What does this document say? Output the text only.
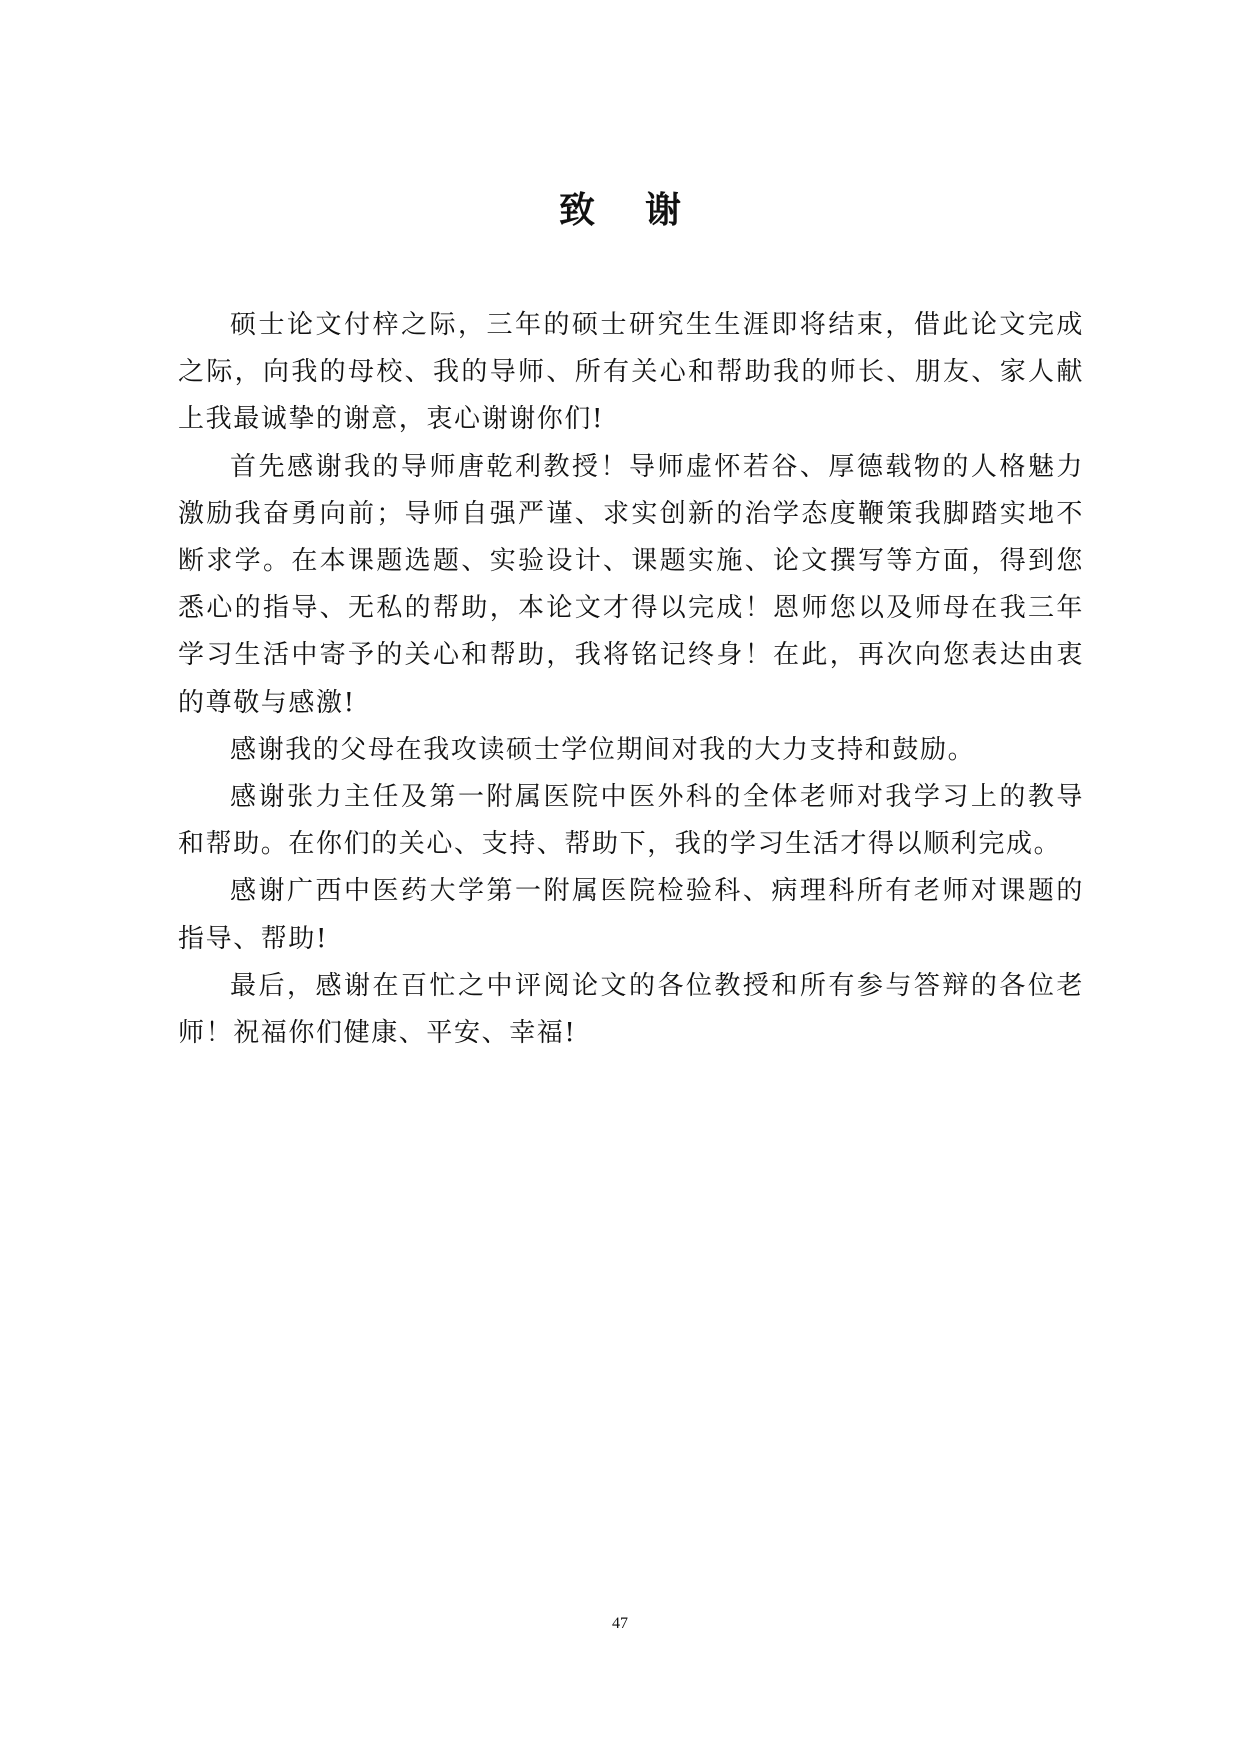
致谢

硕士论文付梓之际，三年的硕士研究生生涯即将结束，借此论文完成之际，向我的母校、我的导师、所有关心和帮助我的师长、朋友、家人献上我最诚挚的谢意，衷心谢谢你们!

首先感谢我的导师唐乾利教授！导师虚怀若谷、厚德载物的人格魅力激励我奋勇向前；导师自强严谨、求实创新的治学态度鞭策我脚踏实地不断求学。在本课题选题、实验设计、课题实施、论文撰写等方面，得到您悉心的指导、无私的帮助，本论文才得以完成！恩师您以及师母在我三年学习生活中寄予的关心和帮助，我将铭记终身！在此，再次向您表达由衷的尊敬与感激!

感谢我的父母在我攻读硕士学位期间对我的大力支持和鼓励。

感谢张力主任及第一附属医院中医外科的全体老师对我学习上的教导和帮助。在你们的关心、支持、帮助下，我的学习生活才得以顺利完成。

感谢广西中医药大学第一附属医院检验科、病理科所有老师对课题的指导、帮助!

最后，感谢在百忙之中评阅论文的各位教授和所有参与答辩的各位老师！祝福你们健康、平安、幸福!

47
